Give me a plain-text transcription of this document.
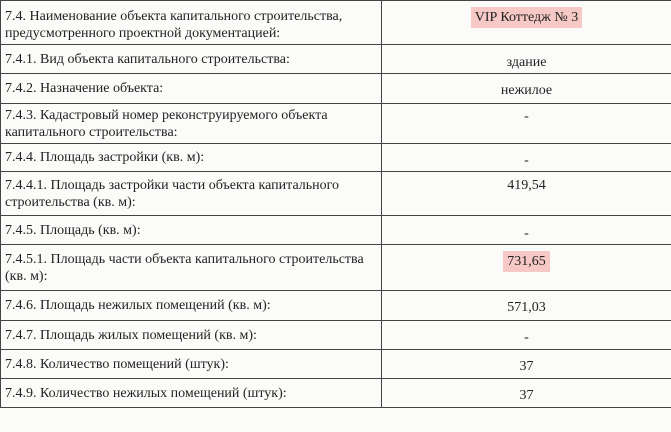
7.4. Наименование объекта капитального строительства, предусмотренного проектной документацией:	VIP Коттедж № 3
7.4.1. Вид объекта капитального строительства:	здание
7.4.2. Назначение объекта:	нежилое
7.4.3. Кадастровый номер реконструируемого объекта капитального строительства:	-
7.4.4. Площадь застройки (кв. м):	-
7.4.4.1. Площадь застройки части объекта капитального строительства (кв. м):	419,54
7.4.5. Площадь (кв. м):	-
7.4.5.1. Площадь части объекта капитального строительства (кв. м):	731,65
7.4.6. Площадь нежилых помещений (кв. м):	571,03
7.4.7. Площадь жилых помещений (кв. м):	-
7.4.8. Количество помещений (штук):	37
7.4.9. Количество нежилых помещений (штук):	37
